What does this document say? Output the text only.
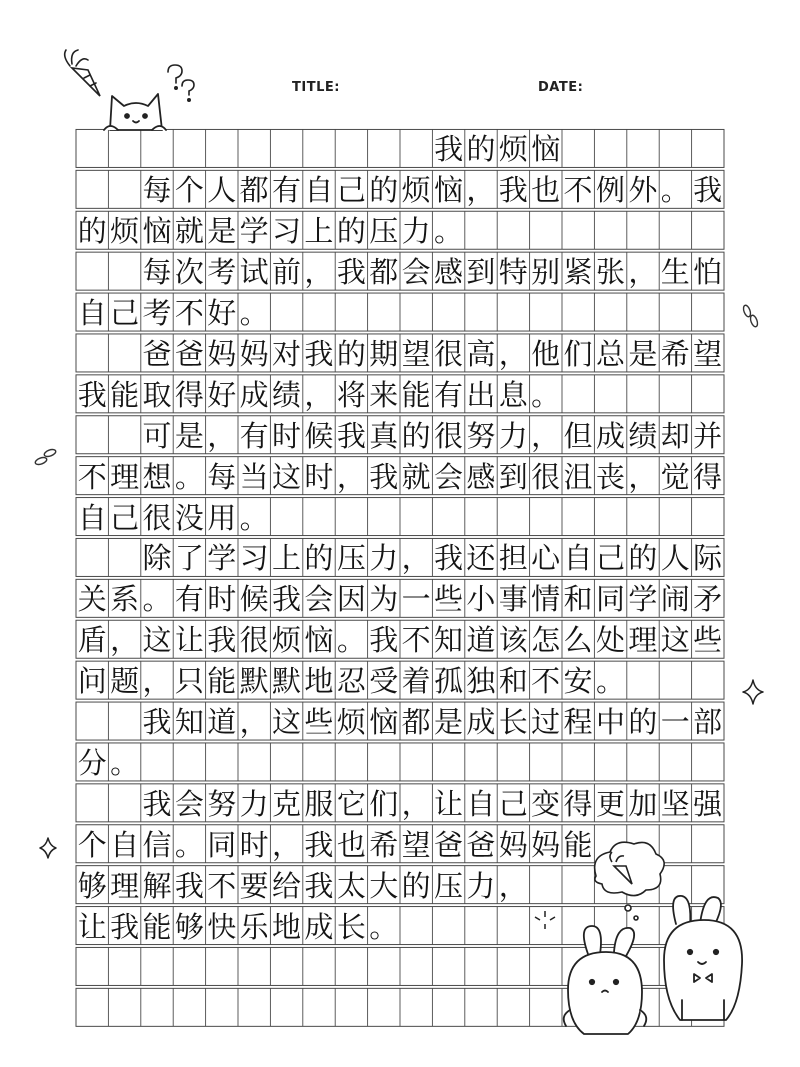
TITLE:	DATE:
我 的 烦 恼
　　每 个 人 都 有 自 己 的 烦 恼 ， 我 也 不 例 外 。 我
的 烦 恼 就 是 学 习 上 的 压 力 。
　　每 次 考 试 前 ， 我 都 会 感 到 特 别 紧 张 ， 生 怕
自 己 考 不 好 。
　　爸 爸 妈 妈 对 我 的 期 望 很 高 ， 他 们 总 是 希 望
我 能 取 得 好 成 绩 ， 将 来 能 有 出 息 。
　　可 是 ， 有 时 候 我 真 的 很 努 力 ， 但 成 绩 却 并
不 理 想 。 每 当 这 时 ， 我 就 会 感 到 很 沮 丧 ， 觉 得
自 己 很 没 用 。
　　除 了 学 习 上 的 压 力 ， 我 还 担 心 自 己 的 人 际
关 系 。 有 时 候 我 会 因 为 一 些 小 事 情 和 同 学 闹 矛
盾 ， 这 让 我 很 烦 恼 。 我 不 知 道 该 怎 么 处 理 这 些
问 题 ， 只 能 默 默 地 忍 受 着 孤 独 和 不 安 。
　　我 知 道 ， 这 些 烦 恼 都 是 成 长 过 程 中 的 一 部
分 。
　　我 会 努 力 克 服 它 们 ， 让 自 己 变 得 更 加 坚 强
个 自 信 。 同 时 ， 我 也 希 望 爸 爸 妈 妈 能
够 理 解 我 不 要 给 我 太 大 的 压 力 ，
让 我 能 够 快 乐 地 成 长 。
